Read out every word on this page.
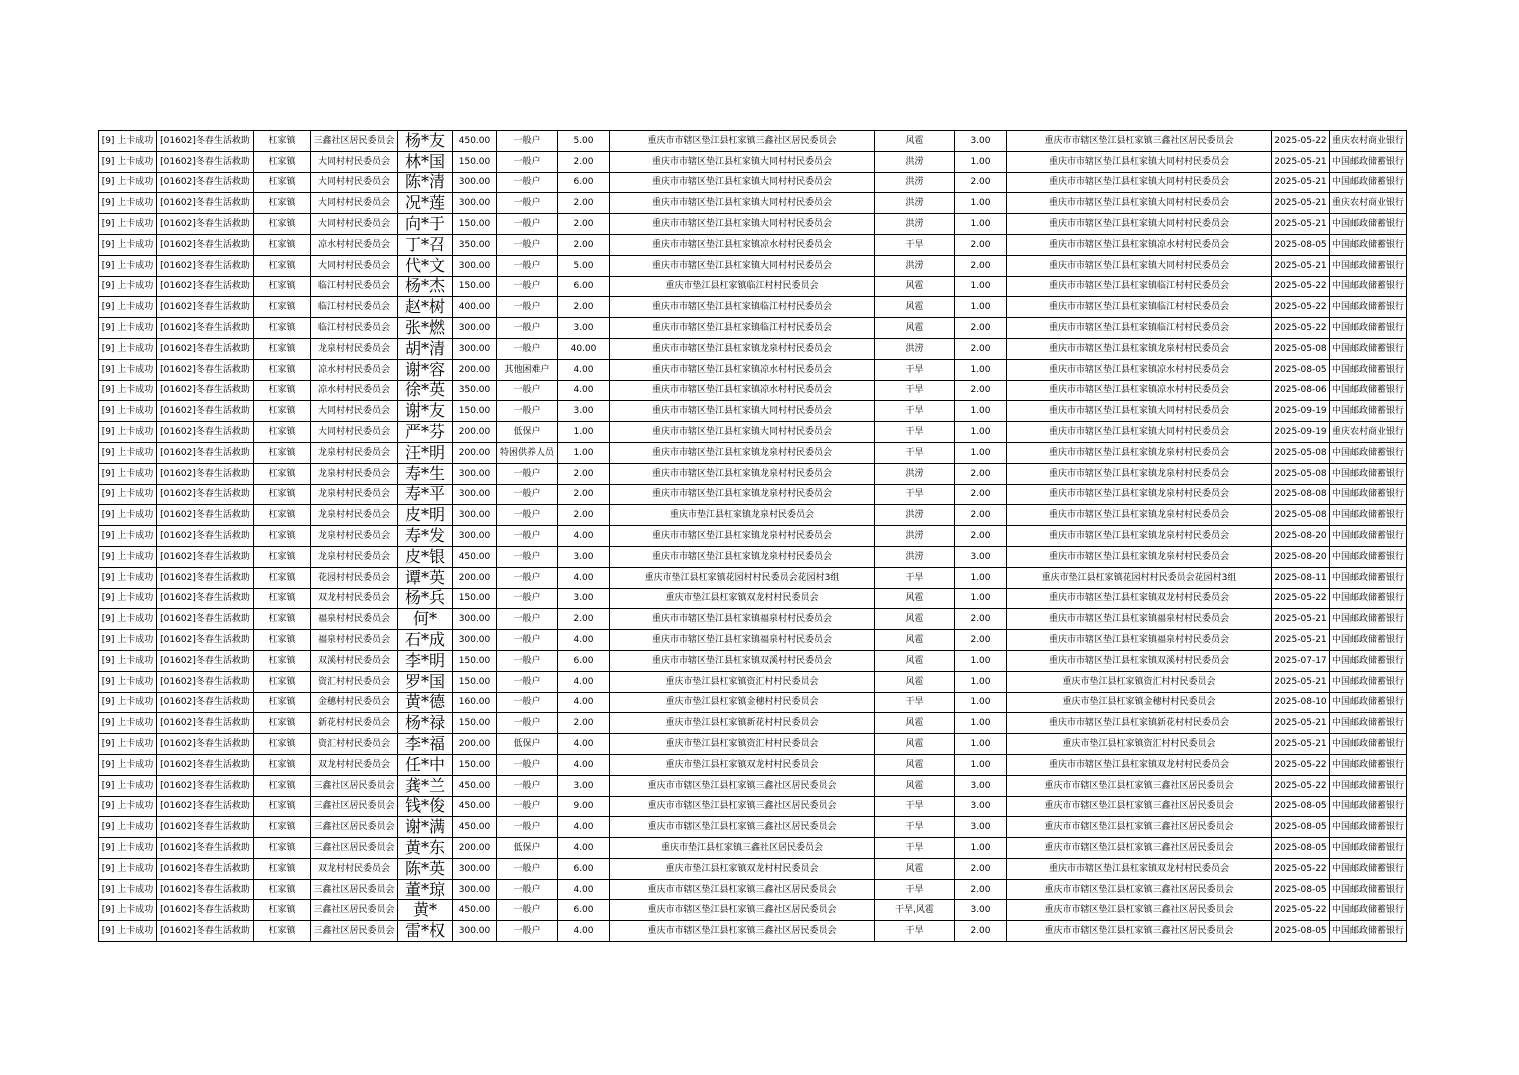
[9] 上卡成功	[01602]冬春生活救助	杠家镇	三鑫社区居民委员会	杨*友	450.00	一般户	5.00	重庆市市辖区垫江县杠家镇三鑫社区居民委员会	风雹	3.00	重庆市市辖区垫江县杠家镇三鑫社区居民委员会	2025-05-22	重庆农村商业银行
[9] 上卡成功	[01602]冬春生活救助	杠家镇	大同村村民委员会	林*国	150.00	一般户	2.00	重庆市市辖区垫江县杠家镇大同村村民委员会	洪涝	1.00	重庆市市辖区垫江县杠家镇大同村村民委员会	2025-05-21	中国邮政储蓄银行
[9] 上卡成功	[01602]冬春生活救助	杠家镇	大同村村民委员会	陈*清	300.00	一般户	6.00	重庆市市辖区垫江县杠家镇大同村村民委员会	洪涝	2.00	重庆市市辖区垫江县杠家镇大同村村民委员会	2025-05-21	中国邮政储蓄银行
[9] 上卡成功	[01602]冬春生活救助	杠家镇	大同村村民委员会	况*莲	300.00	一般户	2.00	重庆市市辖区垫江县杠家镇大同村村民委员会	洪涝	1.00	重庆市市辖区垫江县杠家镇大同村村民委员会	2025-05-21	重庆农村商业银行
[9] 上卡成功	[01602]冬春生活救助	杠家镇	大同村村民委员会	向*于	150.00	一般户	2.00	重庆市市辖区垫江县杠家镇大同村村民委员会	洪涝	1.00	重庆市市辖区垫江县杠家镇大同村村民委员会	2025-05-21	中国邮政储蓄银行
[9] 上卡成功	[01602]冬春生活救助	杠家镇	凉水村村民委员会	丁*召	350.00	一般户	2.00	重庆市市辖区垫江县杠家镇凉水村村民委员会	干旱	2.00	重庆市市辖区垫江县杠家镇凉水村村民委员会	2025-08-05	中国邮政储蓄银行
[9] 上卡成功	[01602]冬春生活救助	杠家镇	大同村村民委员会	代*文	300.00	一般户	5.00	重庆市市辖区垫江县杠家镇大同村村民委员会	洪涝	2.00	重庆市市辖区垫江县杠家镇大同村村民委员会	2025-05-21	中国邮政储蓄银行
[9] 上卡成功	[01602]冬春生活救助	杠家镇	临江村村民委员会	杨*杰	150.00	一般户	6.00	重庆市垫江县杠家镇临江村村民委员会	风雹	1.00	重庆市市辖区垫江县杠家镇临江村村民委员会	2025-05-22	中国邮政储蓄银行
[9] 上卡成功	[01602]冬春生活救助	杠家镇	临江村村民委员会	赵*树	400.00	一般户	2.00	重庆市市辖区垫江县杠家镇临江村村民委员会	风雹	1.00	重庆市市辖区垫江县杠家镇临江村村民委员会	2025-05-22	中国邮政储蓄银行
[9] 上卡成功	[01602]冬春生活救助	杠家镇	临江村村民委员会	张*燃	300.00	一般户	3.00	重庆市市辖区垫江县杠家镇临江村村民委员会	风雹	2.00	重庆市市辖区垫江县杠家镇临江村村民委员会	2025-05-22	中国邮政储蓄银行
[9] 上卡成功	[01602]冬春生活救助	杠家镇	龙泉村村民委员会	胡*清	300.00	一般户	40.00	重庆市市辖区垫江县杠家镇龙泉村村民委员会	洪涝	2.00	重庆市市辖区垫江县杠家镇龙泉村村民委员会	2025-05-08	中国邮政储蓄银行
[9] 上卡成功	[01602]冬春生活救助	杠家镇	凉水村村民委员会	谢*容	200.00	其他困难户	4.00	重庆市市辖区垫江县杠家镇凉水村村民委员会	干旱	1.00	重庆市市辖区垫江县杠家镇凉水村村民委员会	2025-08-05	中国邮政储蓄银行
[9] 上卡成功	[01602]冬春生活救助	杠家镇	凉水村村民委员会	徐*英	350.00	一般户	4.00	重庆市市辖区垫江县杠家镇凉水村村民委员会	干旱	2.00	重庆市市辖区垫江县杠家镇凉水村村民委员会	2025-08-06	中国邮政储蓄银行
[9] 上卡成功	[01602]冬春生活救助	杠家镇	大同村村民委员会	谢*友	150.00	一般户	3.00	重庆市市辖区垫江县杠家镇大同村村民委员会	干旱	1.00	重庆市市辖区垫江县杠家镇大同村村民委员会	2025-09-19	中国邮政储蓄银行
[9] 上卡成功	[01602]冬春生活救助	杠家镇	大同村村民委员会	严*芬	200.00	低保户	1.00	重庆市市辖区垫江县杠家镇大同村村民委员会	干旱	1.00	重庆市市辖区垫江县杠家镇大同村村民委员会	2025-09-19	重庆农村商业银行
[9] 上卡成功	[01602]冬春生活救助	杠家镇	龙泉村村民委员会	汪*明	200.00	特困供养人员	1.00	重庆市市辖区垫江县杠家镇龙泉村村民委员会	干旱	1.00	重庆市市辖区垫江县杠家镇龙泉村村民委员会	2025-05-08	中国邮政储蓄银行
[9] 上卡成功	[01602]冬春生活救助	杠家镇	龙泉村村民委员会	寿*生	300.00	一般户	2.00	重庆市市辖区垫江县杠家镇龙泉村村民委员会	洪涝	2.00	重庆市市辖区垫江县杠家镇龙泉村村民委员会	2025-05-08	中国邮政储蓄银行
[9] 上卡成功	[01602]冬春生活救助	杠家镇	龙泉村村民委员会	寿*平	300.00	一般户	2.00	重庆市市辖区垫江县杠家镇龙泉村村民委员会	干旱	2.00	重庆市市辖区垫江县杠家镇龙泉村村民委员会	2025-08-08	中国邮政储蓄银行
[9] 上卡成功	[01602]冬春生活救助	杠家镇	龙泉村村民委员会	皮*明	300.00	一般户	2.00	重庆市垫江县杠家镇龙泉村民委员会	洪涝	2.00	重庆市市辖区垫江县杠家镇龙泉村村民委员会	2025-05-08	中国邮政储蓄银行
[9] 上卡成功	[01602]冬春生活救助	杠家镇	龙泉村村民委员会	寿*发	300.00	一般户	4.00	重庆市市辖区垫江县杠家镇龙泉村村民委员会	洪涝	2.00	重庆市市辖区垫江县杠家镇龙泉村村民委员会	2025-08-20	中国邮政储蓄银行
[9] 上卡成功	[01602]冬春生活救助	杠家镇	龙泉村村民委员会	皮*银	450.00	一般户	3.00	重庆市市辖区垫江县杠家镇龙泉村村民委员会	洪涝	3.00	重庆市市辖区垫江县杠家镇龙泉村村民委员会	2025-08-20	中国邮政储蓄银行
[9] 上卡成功	[01602]冬春生活救助	杠家镇	花园村村民委员会	谭*英	200.00	一般户	4.00	重庆市垫江县杠家镇花园村村民委员会花园村3组	干旱	1.00	重庆市垫江县杠家镇花园村村民委员会花园村3组	2025-08-11	中国邮政储蓄银行
[9] 上卡成功	[01602]冬春生活救助	杠家镇	双龙村村民委员会	杨*兵	150.00	一般户	3.00	重庆市垫江县杠家镇双龙村村民委员会	风雹	1.00	重庆市市辖区垫江县杠家镇双龙村村民委员会	2025-05-22	中国邮政储蓄银行
[9] 上卡成功	[01602]冬春生活救助	杠家镇	福泉村村民委员会	何*	300.00	一般户	2.00	重庆市市辖区垫江县杠家镇福泉村村民委员会	风雹	2.00	重庆市市辖区垫江县杠家镇福泉村村民委员会	2025-05-21	中国邮政储蓄银行
[9] 上卡成功	[01602]冬春生活救助	杠家镇	福泉村村民委员会	石*成	300.00	一般户	4.00	重庆市市辖区垫江县杠家镇福泉村村民委员会	风雹	2.00	重庆市市辖区垫江县杠家镇福泉村村民委员会	2025-05-21	中国邮政储蓄银行
[9] 上卡成功	[01602]冬春生活救助	杠家镇	双溪村村民委员会	李*明	150.00	一般户	6.00	重庆市市辖区垫江县杠家镇双溪村村民委员会	风雹	1.00	重庆市市辖区垫江县杠家镇双溪村村民委员会	2025-07-17	中国邮政储蓄银行
[9] 上卡成功	[01602]冬春生活救助	杠家镇	资汇村村民委员会	罗*国	150.00	一般户	4.00	重庆市垫江县杠家镇资汇村村民委员会	风雹	1.00	重庆市垫江县杠家镇资汇村村民委员会	2025-05-21	中国邮政储蓄银行
[9] 上卡成功	[01602]冬春生活救助	杠家镇	金穗村村民委员会	黄*德	160.00	一般户	4.00	重庆市垫江县杠家镇金穗村村民委员会	干旱	1.00	重庆市垫江县杠家镇金穗村村民委员会	2025-08-10	中国邮政储蓄银行
[9] 上卡成功	[01602]冬春生活救助	杠家镇	新花村村民委员会	杨*禄	150.00	一般户	2.00	重庆市垫江县杠家镇新花村村民委员会	风雹	1.00	重庆市市辖区垫江县杠家镇新花村村民委员会	2025-05-21	中国邮政储蓄银行
[9] 上卡成功	[01602]冬春生活救助	杠家镇	资汇村村民委员会	李*福	200.00	低保户	4.00	重庆市垫江县杠家镇资汇村村民委员会	风雹	1.00	重庆市垫江县杠家镇资汇村村民委员会	2025-05-21	中国邮政储蓄银行
[9] 上卡成功	[01602]冬春生活救助	杠家镇	双龙村村民委员会	任*中	150.00	一般户	4.00	重庆市垫江县杠家镇双龙村村民委员会	风雹	1.00	重庆市市辖区垫江县杠家镇双龙村村民委员会	2025-05-22	中国邮政储蓄银行
[9] 上卡成功	[01602]冬春生活救助	杠家镇	三鑫社区居民委员会	龚*兰	450.00	一般户	3.00	重庆市市辖区垫江县杠家镇三鑫社区居民委员会	风雹	3.00	重庆市市辖区垫江县杠家镇三鑫社区居民委员会	2025-05-22	中国邮政储蓄银行
[9] 上卡成功	[01602]冬春生活救助	杠家镇	三鑫社区居民委员会	钱*俊	450.00	一般户	9.00	重庆市市辖区垫江县杠家镇三鑫社区居民委员会	干旱	3.00	重庆市市辖区垫江县杠家镇三鑫社区居民委员会	2025-08-05	中国邮政储蓄银行
[9] 上卡成功	[01602]冬春生活救助	杠家镇	三鑫社区居民委员会	谢*满	450.00	一般户	4.00	重庆市市辖区垫江县杠家镇三鑫社区居民委员会	干旱	3.00	重庆市市辖区垫江县杠家镇三鑫社区居民委员会	2025-08-05	中国邮政储蓄银行
[9] 上卡成功	[01602]冬春生活救助	杠家镇	三鑫社区居民委员会	黄*东	200.00	低保户	4.00	重庆市垫江县杠家镇三鑫社区居民委员会	干旱	1.00	重庆市市辖区垫江县杠家镇三鑫社区居民委员会	2025-08-05	中国邮政储蓄银行
[9] 上卡成功	[01602]冬春生活救助	杠家镇	双龙村村民委员会	陈*英	300.00	一般户	6.00	重庆市垫江县杠家镇双龙村村民委员会	风雹	2.00	重庆市市辖区垫江县杠家镇双龙村村民委员会	2025-05-22	中国邮政储蓄银行
[9] 上卡成功	[01602]冬春生活救助	杠家镇	三鑫社区居民委员会	董*琼	300.00	一般户	4.00	重庆市市辖区垫江县杠家镇三鑫社区居民委员会	干旱	2.00	重庆市市辖区垫江县杠家镇三鑫社区居民委员会	2025-08-05	中国邮政储蓄银行
[9] 上卡成功	[01602]冬春生活救助	杠家镇	三鑫社区居民委员会	黄*	450.00	一般户	6.00	重庆市市辖区垫江县杠家镇三鑫社区居民委员会	干旱,风雹	3.00	重庆市市辖区垫江县杠家镇三鑫社区居民委员会	2025-05-22	中国邮政储蓄银行
[9] 上卡成功	[01602]冬春生活救助	杠家镇	三鑫社区居民委员会	雷*权	300.00	一般户	4.00	重庆市市辖区垫江县杠家镇三鑫社区居民委员会	干旱	2.00	重庆市市辖区垫江县杠家镇三鑫社区居民委员会	2025-08-05	中国邮政储蓄银行
